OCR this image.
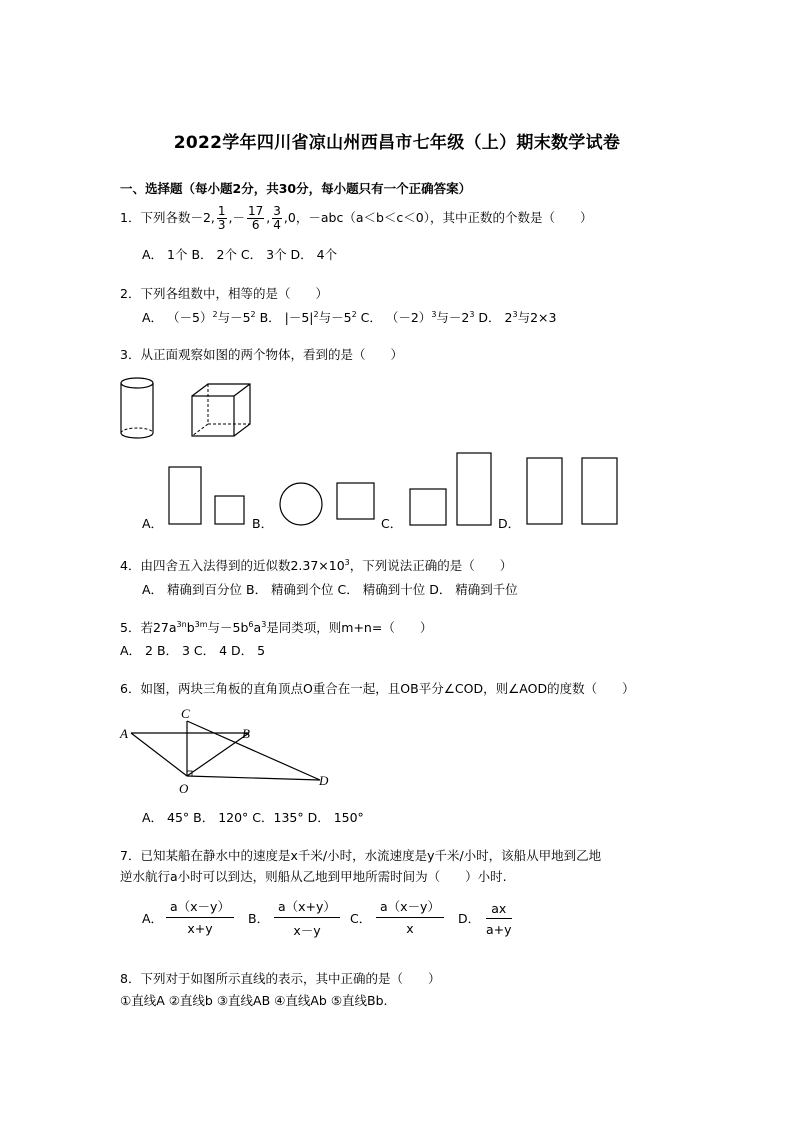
2022学年四川省凉山州西昌市七年级（上）期末数学试卷
一、选择题（每小题2分，共30分，每小题只有一个正确答案）
1．下列各数－2, $\frac{1}{3}$ ,－ $\frac{17}{6}$ , $\frac{3}{4} ,0$，－abc（a＜b＜c＜0），其中正数的个数是（　　）
A． 1个 B． 2个 C． 3个 D． 4个
2．下列各组数中，相等的是（　　）
A． $(-5)^2$与$-5^2$ B． $|-5|^2$与$-5^2$ C． $(-2)^3$与$-2^3$ D． $2^3$与2×3
3．从正面观察如图的两个物体，看到的是（　　）
A．	B．	C．	D．
4．由四舍五入法得到的近似数$2.37\times 10^3$，下列说法正确的是（　　）
A． 精确到百分位 B． 精确到个位 C． 精确到十位 D． 精确到千位
5．若$27a^{3n}b^{3m}$与$-5b^6a^3$是同类项，则m+n=（　　）
A． 2 B． 3 C． 4 D． 5
6．如图，两块三角板的直角顶点O重合在一起，且OB平分∠COD，则∠AOD的度数（　　）
A	B
C
D
O
A． 45° B． 120° C．135° D． 150°
7．已知某船在静水中的速度是x千米/小时，水流速度是y千米/小时，该船从甲地到乙地
逆水航行a小时可以到达，则船从乙地到甲地所需时间为（　　）小时.
A． $\frac{a(x-y)}{x+y}$ B． $\frac{a(x+y)}{x-y}$ C． $\frac{a(x-y)}{x}$ D． $\frac{ax}{a+y}$
8．下列对于如图所示直线的表示，其中正确的是（　　）
①直线A ②直线b ③直线AB ④直线Ab ⑤直线Bb.
